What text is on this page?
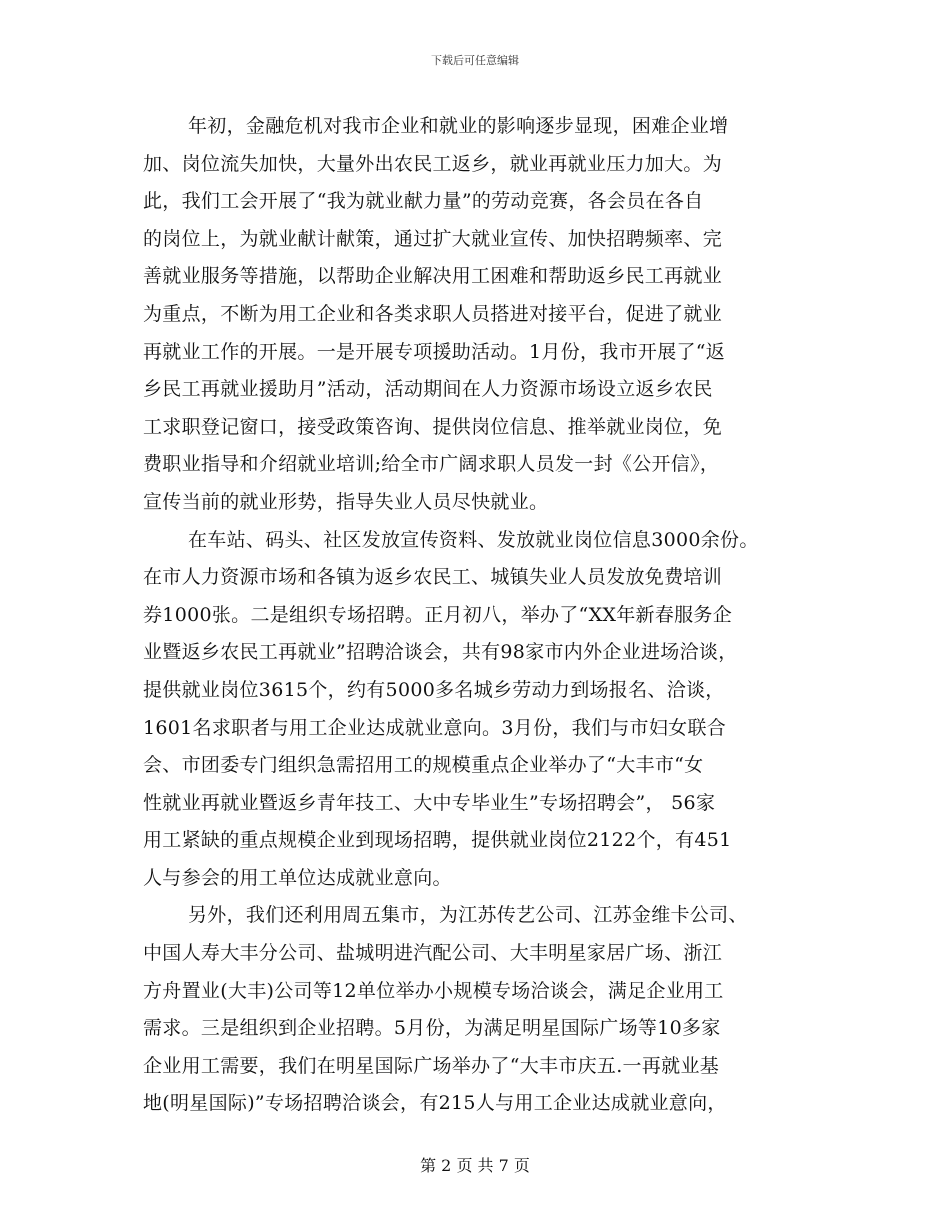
下载后可任意编辑
年初，金融危机对我市企业和就业的影响逐步显现，困难企业增
加、岗位流失加快，大量外出农民工返乡，就业再就业压力加大。为
此，我们工会开展了“我为就业献力量”的劳动竞赛，各会员在各自
的岗位上，为就业献计献策，通过扩大就业宣传、加快招聘频率、完
善就业服务等措施，以帮助企业解决用工困难和帮助返乡民工再就业
为重点，不断为用工企业和各类求职人员搭进对接平台，促进了就业
再就业工作的开展。一是开展专项援助活动。1月份，我市开展了“返
乡民工再就业援助月”活动，活动期间在人力资源市场设立返乡农民
工求职登记窗口，接受政策咨询、提供岗位信息、推举就业岗位，免
费职业指导和介绍就业培训;给全市广阔求职人员发一封《公开信》，
宣传当前的就业形势，指导失业人员尽快就业。
在车站、码头、社区发放宣传资料、发放就业岗位信息3000余份。
在市人力资源市场和各镇为返乡农民工、城镇失业人员发放免费培训
券1000张。二是组织专场招聘。正月初八，举办了“XX年新春服务企
业暨返乡农民工再就业”招聘洽谈会，共有98家市内外企业进场洽谈，
提供就业岗位3615个，约有5000多名城乡劳动力到场报名、洽谈，
1601名求职者与用工企业达成就业意向。3月份，我们与市妇女联合
会、市团委专门组织急需招用工的规模重点企业举办了“大丰市“女
性就业再就业暨返乡青年技工、大中专毕业生”专场招聘会”， 56家
用工紧缺的重点规模企业到现场招聘，提供就业岗位2122个，有451
人与参会的用工单位达成就业意向。
另外，我们还利用周五集市，为江苏传艺公司、江苏金维卡公司、
中国人寿大丰分公司、盐城明进汽配公司、大丰明星家居广场、浙江
方舟置业(大丰)公司等12单位举办小规模专场洽谈会，满足企业用工
需求。三是组织到企业招聘。5月份，为满足明星国际广场等10多家
企业用工需要，我们在明星国际广场举办了“大丰市庆五.一再就业基
地(明星国际)”专场招聘洽谈会，有215人与用工企业达成就业意向，
第 2 页 共 7 页
